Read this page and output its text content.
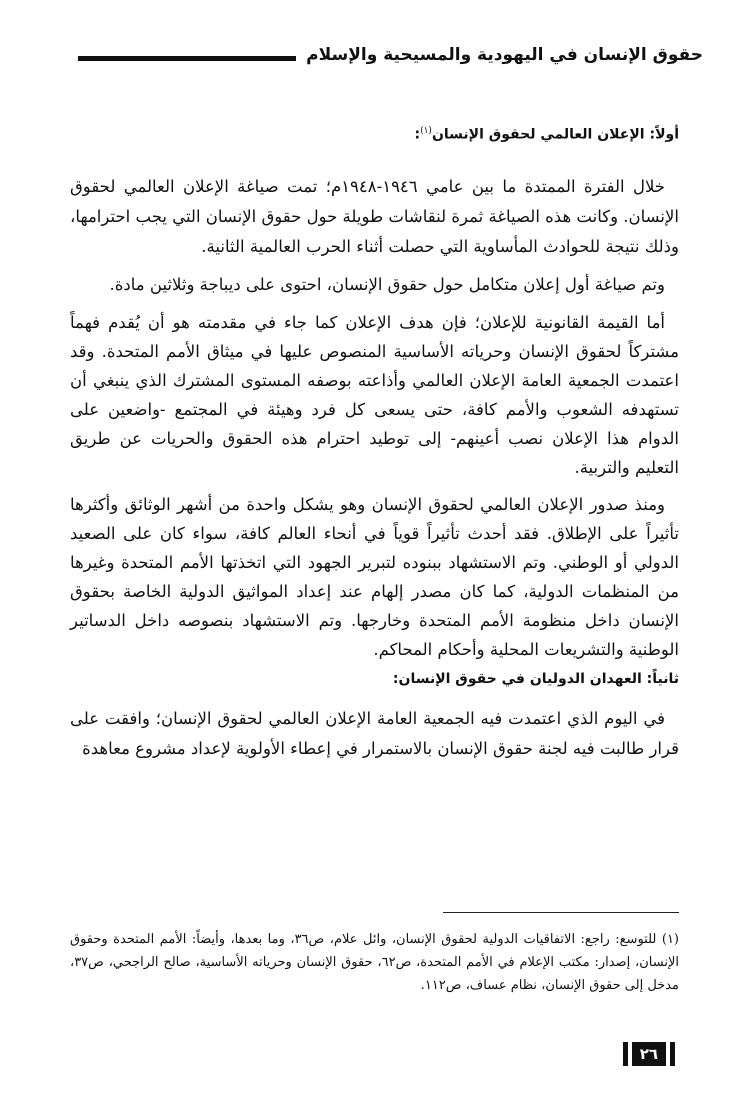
حقوق الإنسان في اليهودية والمسيحية والإسلام
أولاً: الإعلان العالمي لحقوق الإنسان$^{(١)}$:

خلال الفترة الممتدة ما بين عامي ١٩٤٦-١٩٤٨م؛ تمت صياغة الإعلان العالمي لحقوق الإنسان. وكانت هذه الصياغة ثمرة لنقاشات طويلة حول حقوق الإنسان التي يجب احترامها، وذلك نتيجة للحوادث المأساوية التي حصلت أثناء الحرب العالمية الثانية.

وتم صياغة أول إعلان متكامل حول حقوق الإنسان، احتوى على ديباجة وثلاثين مادة.

أما القيمة القانونية للإعلان؛ فإن هدف الإعلان كما جاء في مقدمته هو أن يُقدم فهماً مشتركاً لحقوق الإنسان وحرياته الأساسية المنصوص عليها في ميثاق الأمم المتحدة. وقد اعتمدت الجمعية العامة الإعلان العالمي وأذاعته بوصفه المستوى المشترك الذي ينبغي أن تستهدفه الشعوب والأمم كافة، حتى يسعى كل فرد وهيئة في المجتمع -واضعين على الدوام هذا الإعلان نصب أعينهم- إلى توطيد احترام هذه الحقوق والحريات عن طريق التعليم والتربية.

ومنذ صدور الإعلان العالمي لحقوق الإنسان وهو يشكل واحدة من أشهر الوثائق وأكثرها تأثيراً على الإطلاق. فقد أحدث تأثيراً قوياً في أنحاء العالم كافة، سواء كان على الصعيد الدولي أو الوطني. وتم الاستشهاد ببنوده لتبرير الجهود التي اتخذتها الأمم المتحدة وغيرها من المنظمات الدولية، كما كان مصدر إلهام عند إعداد المواثيق الدولية الخاصة بحقوق الإنسان داخل منظومة الأمم المتحدة وخارجها. وتم الاستشهاد بنصوصه داخل الدساتير الوطنية والتشريعات المحلية وأحكام المحاكم.

ثانياً: العهدان الدوليان في حقوق الإنسان:

في اليوم الذي اعتمدت فيه الجمعية العامة الإعلان العالمي لحقوق الإنسان؛ وافقت على قرار طالبت فيه لجنة حقوق الإنسان بالاستمرار في إعطاء الأولوية لإعداد مشروع معاهدة

(١) للتوسع: راجع: الاتفاقيات الدولية لحقوق الإنسان، وائل علام، ص٣٦، وما بعدها، وأيضاً: الأمم المتحدة وحقوق الإنسان، إصدار: مكتب الإعلام في الأمم المتحدة، ص٦٢، حقوق الإنسان وحرياته الأساسية، صالح الراجحي، ص٣٧، مدخل إلى حقوق الإنسان، نظام عساف، ص١١٢.
٢٦
